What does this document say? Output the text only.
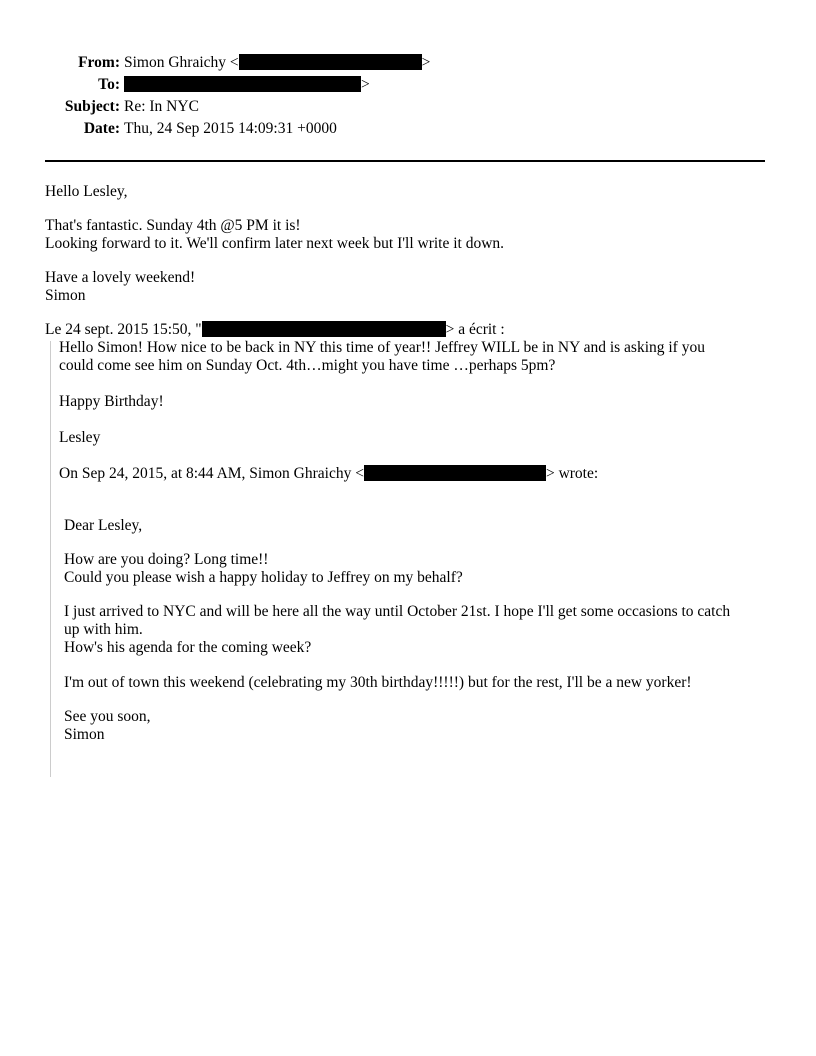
From: Simon Ghraichy <	>
To:	>
Subject: Re: In NYC
Date: Thu, 24 Sep 2015 14:09:31 +0000
Hello Lesley,
That's fantastic. Sunday 4th @5 PM it is!
Looking forward to it. We'll confirm later next week but I'll write it down.
Have a lovely weekend!
Simon
Le 24 sept. 2015 15:50, "	> a écrit :
Hello Simon! How nice to be back in NY this time of year!! Jeffrey WILL be in NY and is asking if you
could come see him on Sunday Oct. 4th…might you have time …perhaps 5pm?
Happy Birthday!
Lesley
On Sep 24, 2015, at 8:44 AM, Simon Ghraichy <	> wrote:
Dear Lesley,
How are you doing? Long time!!
Could you please wish a happy holiday to Jeffrey on my behalf?
I just arrived to NYC and will be here all the way until October 21st. I hope I'll get some occasions to catch
up with him.
How's his agenda for the coming week?
I'm out of town this weekend (celebrating my 30th birthday!!!!!) but for the rest, I'll be a new yorker!
See you soon,
Simon
